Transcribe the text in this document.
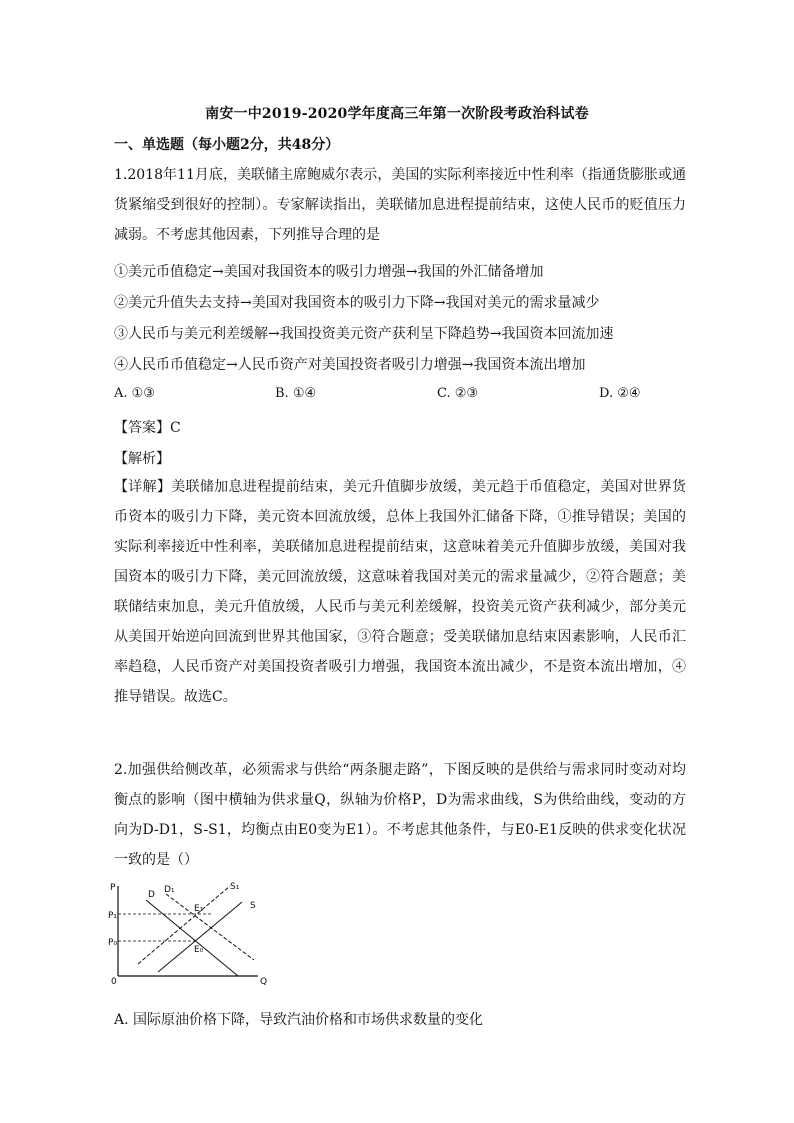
南安一中2019-2020学年度高三年第一次阶段考政治科试卷
一、单选题（每小题2分，共48分）
1.2018年11月底，美联储主席鲍威尔表示，美国的实际利率接近中性利率（指通货膨胀或通货紧缩受到很好的控制）。专家解读指出，美联储加息进程提前结束，这使人民币的贬值压力减弱。不考虑其他因素，下列推导合理的是
①美元币值稳定→美国对我国资本的吸引力增强→我国的外汇储备增加
②美元升值失去支持→美国对我国资本的吸引力下降→我国对美元的需求量减少
③人民币与美元利差缓解→我国投资美元资产获利呈下降趋势→我国资本回流加速
④人民币币值稳定→人民币资产对美国投资者吸引力增强→我国资本流出增加
A. ①③	B. ①④	C. ②③	D. ②④
【答案】C
【解析】
【详解】美联储加息进程提前结束，美元升值脚步放缓，美元趋于币值稳定，美国对世界货币资本的吸引力下降，美元资本回流放缓，总体上我国外汇储备下降，①推导错误；美国的实际利率接近中性利率，美联储加息进程提前结束，这意味着美元升值脚步放缓，美国对我国资本的吸引力下降，美元回流放缓，这意味着我国对美元的需求量减少，②符合题意；美联储结束加息，美元升值放缓，人民币与美元利差缓解，投资美元资产获利减少，部分美元从美国开始逆向回流到世界其他国家，③符合题意；受美联储加息结束因素影响，人民币汇率趋稳，人民币资产对美国投资者吸引力增强，我国资本流出减少，不是资本流出增加，④推导错误。故选C。
2.加强供给侧改革，必须需求与供给“两条腿走路”，下图反映的是供给与需求同时变动对均衡点的影响（图中横轴为供求量Q，纵轴为价格P，D为需求曲线，S为供给曲线，变动的方向为D-D1，S-S1，均衡点由E0变为E1）。不考虑其他条件，与E0-E1反映的供求变化状况一致的是（）
P
Q
0
P₁
P₀
D D₁	S₁
S
E₁
E₀
A. 国际原油价格下降，导致汽油价格和市场供求数量的变化
